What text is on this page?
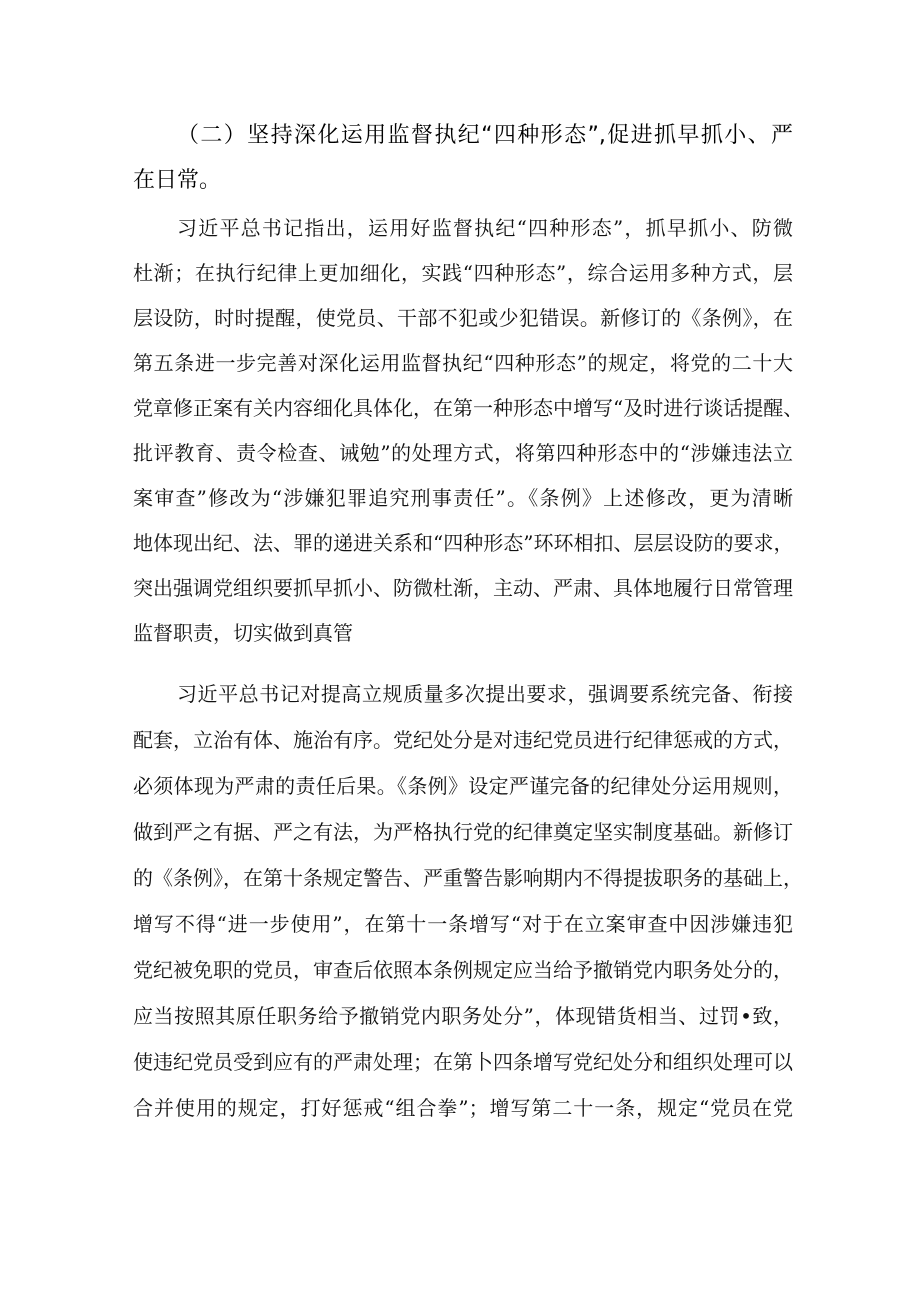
（二）坚持深化运用监督执纪“四种形态”,促进抓早抓小、严

在日常。

习近平总书记指出，运用好监督执纪“四种形态”，抓早抓小、防微

杜渐；在执行纪律上更加细化，实践“四种形态”，综合运用多种方式，层

层设防，时时提醒，使党员、干部不犯或少犯错误。新修订的《条例》，在

第五条进一步完善对深化运用监督执纪“四种形态”的规定，将党的二十大

党章修正案有关内容细化具体化，在第一种形态中增写“及时进行谈话提醒、

批评教育、责令检查、诫勉”的处理方式，将第四种形态中的“涉嫌违法立

案审查”修改为“涉嫌犯罪追究刑事责任”。《条例》上述修改，更为清晰

地体现出纪、法、罪的递进关系和“四种形态”环环相扣、层层设防的要求，

突出强调党组织要抓早抓小、防微杜渐，主动、严肃、具体地履行日常管理

监督职责，切实做到真管

习近平总书记对提高立规质量多次提出要求，强调要系统完备、衔接

配套，立治有体、施治有序。党纪处分是对违纪党员进行纪律惩戒的方式，

必须体现为严肃的责任后果。《条例》设定严谨完备的纪律处分运用规则，

做到严之有据、严之有法，为严格执行党的纪律奠定坚实制度基础。新修订

的《条例》，在第十条规定警告、严重警告影响期内不得提拔职务的基础上，

增写不得“进一步使用”，在第十一条增写“对于在立案审查中因涉嫌违犯

党纪被免职的党员，审查后依照本条例规定应当给予撤销党内职务处分的，

应当按照其原任职务给予撤销党内职务处分”，体现错货相当、过罚•致，

使违纪党员受到应有的严肃处理；在第卜四条增写党纪处分和组织处理可以

合并使用的规定，打好惩戒“组合拳”；增写第二十一条，规定“党员在党
